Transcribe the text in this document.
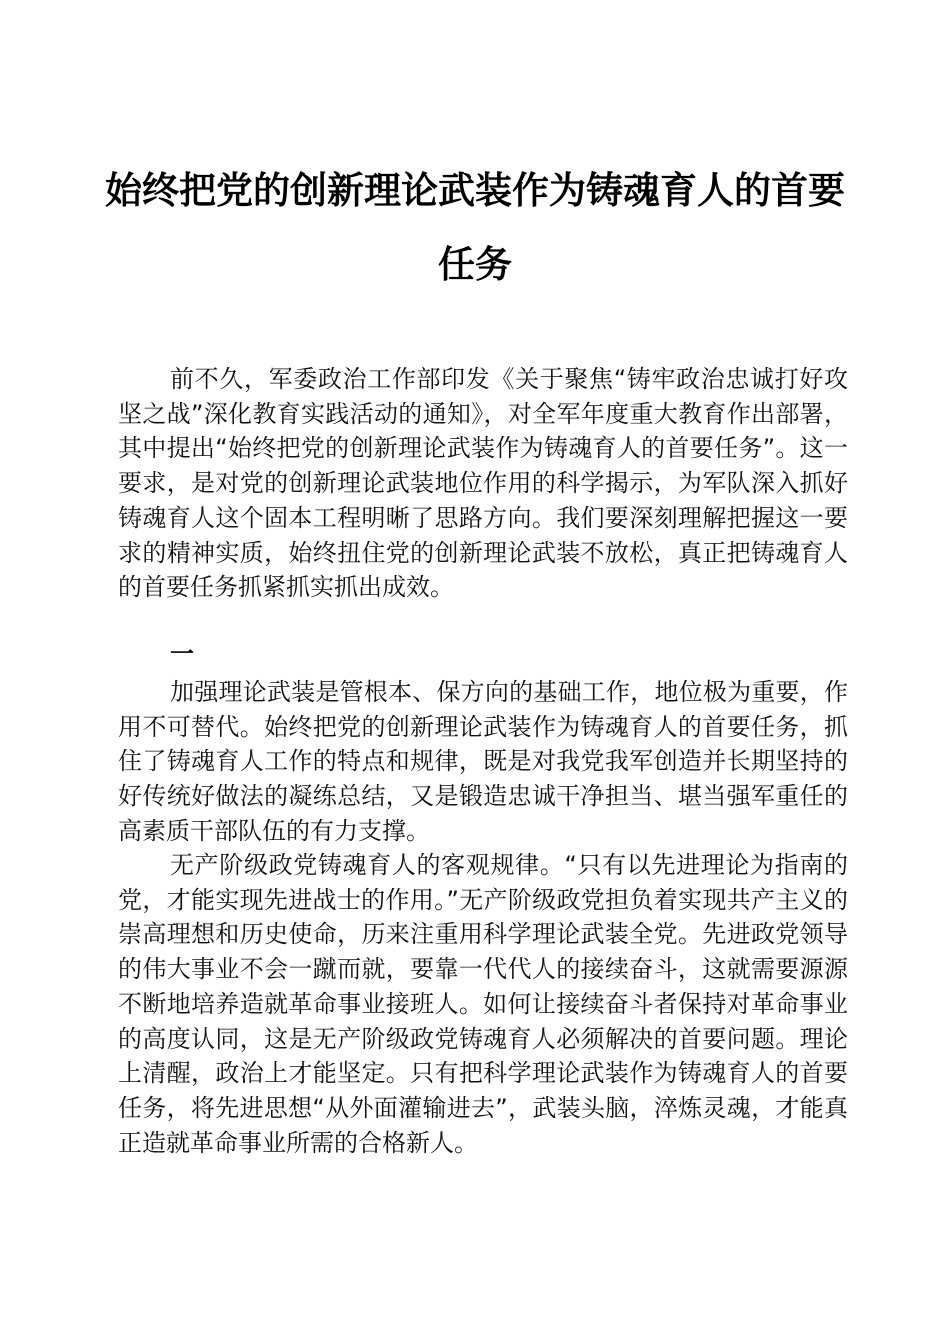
始终把党的创新理论武装作为铸魂育人的首要
任务

前不久，军委政治工作部印发《关于聚焦“铸牢政治忠诚打好攻坚之战”深化教育实践活动的通知》，对全军年度重大教育作出部署，其中提出“始终把党的创新理论武装作为铸魂育人的首要任务”。这一要求，是对党的创新理论武装地位作用的科学揭示，为军队深入抓好铸魂育人这个固本工程明晰了思路方向。我们要深刻理解把握这一要求的精神实质，始终扭住党的创新理论武装不放松，真正把铸魂育人的首要任务抓紧抓实抓出成效。

一

加强理论武装是管根本、保方向的基础工作，地位极为重要，作用不可替代。始终把党的创新理论武装作为铸魂育人的首要任务，抓住了铸魂育人工作的特点和规律，既是对我党我军创造并长期坚持的好传统好做法的凝练总结，又是锻造忠诚干净担当、堪当强军重任的高素质干部队伍的有力支撑。

无产阶级政党铸魂育人的客观规律。“只有以先进理论为指南的党，才能实现先进战士的作用。”无产阶级政党担负着实现共产主义的崇高理想和历史使命，历来注重用科学理论武装全党。先进政党领导的伟大事业不会一蹴而就，要靠一代代人的接续奋斗，这就需要源源不断地培养造就革命事业接班人。如何让接续奋斗者保持对革命事业的高度认同，这是无产阶级政党铸魂育人必须解决的首要问题。理论上清醒，政治上才能坚定。只有把科学理论武装作为铸魂育人的首要任务，将先进思想“从外面灌输进去”，武装头脑，淬炼灵魂，才能真正造就革命事业所需的合格新人。
